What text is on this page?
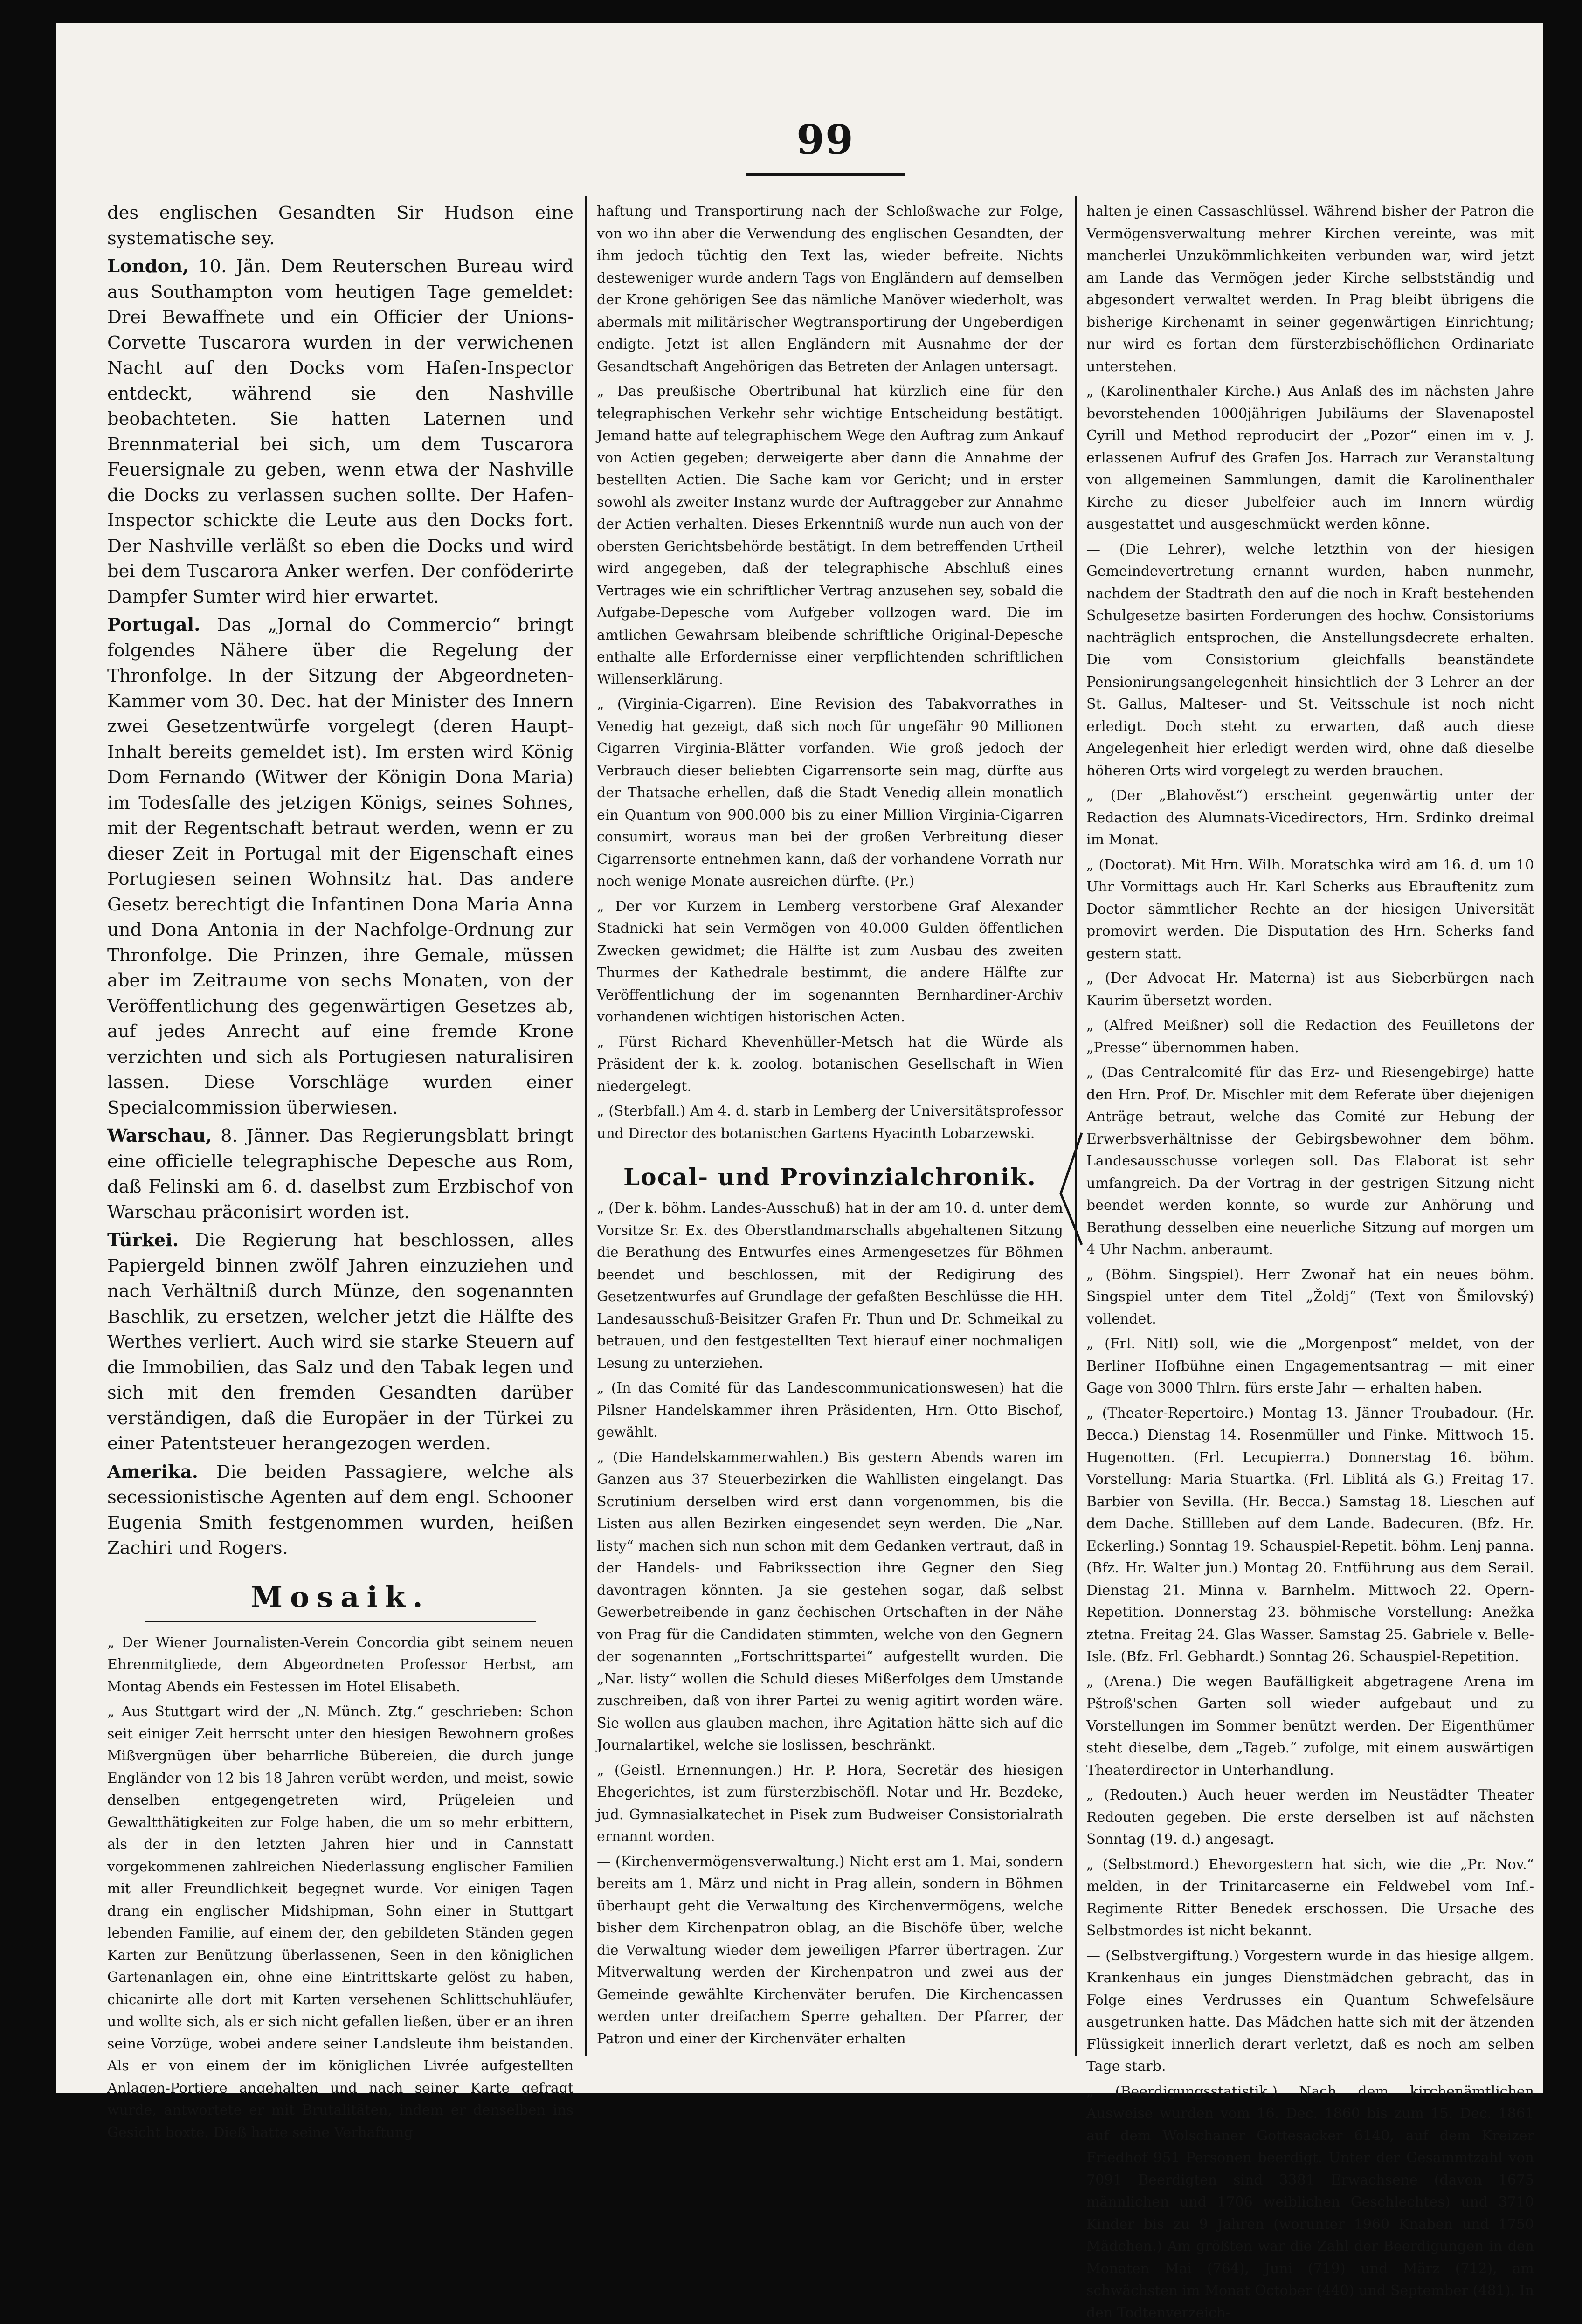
99

des englischen Gesandten Sir Hudson eine systematische sey.

London, 10. Jän. Dem Reuterschen Bureau wird aus Southampton vom heutigen Tage gemeldet: Drei Bewaffnete und ein Officier der Unions-Corvette Tuscarora wurden in der verwichenen Nacht auf den Docks vom Hafen-Inspector entdeckt, während sie den Nashville beobachteten. Sie hatten Laternen und Brennmaterial bei sich, um dem Tuscarora Feuersignale zu geben, wenn etwa der Nashville die Docks zu verlassen suchen sollte. Der Hafen-Inspector schickte die Leute aus den Docks fort. Der Nashville verläßt so eben die Docks und wird bei dem Tuscarora Anker werfen. Der conföderirte Dampfer Sumter wird hier erwartet.

Portugal. Das „Jornal do Commercio“ bringt folgendes Nähere über die Regelung der Thronfolge. In der Sitzung der Abgeordneten-Kammer vom 30. Dec. hat der Minister des Innern zwei Gesetzentwürfe vorgelegt (deren Haupt-Inhalt bereits gemeldet ist). Im ersten wird König Dom Fernando (Witwer der Königin Dona Maria) im Todesfalle des jetzigen Königs, seines Sohnes, mit der Regentschaft betraut werden, wenn er zu dieser Zeit in Portugal mit der Eigenschaft eines Portugiesen seinen Wohnsitz hat. Das andere Gesetz berechtigt die Infantinen Dona Maria Anna und Dona Antonia in der Nachfolge-Ordnung zur Thronfolge. Die Prinzen, ihre Gemale, müssen aber im Zeitraume von sechs Monaten, von der Veröffentlichung des gegenwärtigen Gesetzes ab, auf jedes Anrecht auf eine fremde Krone verzichten und sich als Portugiesen naturalisiren lassen. Diese Vorschläge wurden einer Specialcommission überwiesen.

Warschau, 8. Jänner. Das Regierungsblatt bringt eine officielle telegraphische Depesche aus Rom, daß Felinski am 6. d. daselbst zum Erzbischof von Warschau präconisirt worden ist.

Türkei. Die Regierung hat beschlossen, alles Papiergeld binnen zwölf Jahren einzuziehen und nach Verhältniß durch Münze, den sogenannten Baschlik, zu ersetzen, welcher jetzt die Hälfte des Werthes verliert. Auch wird sie starke Steuern auf die Immobilien, das Salz und den Tabak legen und sich mit den fremden Gesandten darüber verständigen, daß die Europäer in der Türkei zu einer Patentsteuer herangezogen werden.

Amerika. Die beiden Passagiere, welche als secessionistische Agenten auf dem engl. Schooner Eugenia Smith festgenommen wurden, heißen Zachiri und Rogers.

Mosaik.

„ Der Wiener Journalisten-Verein Concordia gibt seinem neuen Ehrenmitgliede, dem Abgeordneten Professor Herbst, am Montag Abends ein Festessen im Hotel Elisabeth.

„ Aus Stuttgart wird der „N. Münch. Ztg.“ geschrieben: Schon seit einiger Zeit herrscht unter den hiesigen Bewohnern großes Mißvergnügen über beharrliche Bübereien, die durch junge Engländer von 12 bis 18 Jahren verübt werden, und meist, sowie denselben entgegengetreten wird, Prügeleien und Gewaltthätigkeiten zur Folge haben, die um so mehr erbittern, als der in den letzten Jahren hier und in Cannstatt vorgekommenen zahlreichen Niederlassung englischer Familien mit aller Freundlichkeit begegnet wurde. Vor einigen Tagen drang ein englischer Midshipman, Sohn einer in Stuttgart lebenden Familie, auf einem der, den gebildeten Ständen gegen Karten zur Benützung überlassenen, Seen in den königlichen Gartenanlagen ein, ohne eine Eintrittskarte gelöst zu haben, chicanirte alle dort mit Karten versehenen Schlittschuhläufer, und wollte sich, als er sich nicht gefallen ließen, über er an ihren seine Vorzüge, wobei andere seiner Landsleute ihm beistanden. Als er von einem der im königlichen Livrée aufgestellten Anlagen-Portiere angehalten und nach seiner Karte gefragt wurde, antwortete er mit Brutalitäten, indem er denselben ins Gesicht boxte. Dieß hatte seine Verhaftung

haftung und Transportirung nach der Schloßwache zur Folge, von wo ihn aber die Verwendung des englischen Gesandten, der ihm jedoch tüchtig den Text las, wieder befreite. Nichts desteweniger wurde andern Tags von Engländern auf demselben der Krone gehörigen See das nämliche Manöver wiederholt, was abermals mit militärischer Wegtransportirung der Ungeberdigen endigte. Jetzt ist allen Engländern mit Ausnahme der der Gesandtschaft Angehörigen das Betreten der Anlagen untersagt.

„ Das preußische Obertribunal hat kürzlich eine für den telegraphischen Verkehr sehr wichtige Entscheidung bestätigt. Jemand hatte auf telegraphischem Wege den Auftrag zum Ankauf von Actien gegeben; derweigerte aber dann die Annahme der bestellten Actien. Die Sache kam vor Gericht; und in erster sowohl als zweiter Instanz wurde der Auftraggeber zur Annahme der Actien verhalten. Dieses Erkenntniß wurde nun auch von der obersten Gerichtsbehörde bestätigt. In dem betreffenden Urtheil wird angegeben, daß der telegraphische Abschluß eines Vertrages wie ein schriftlicher Vertrag anzusehen sey, sobald die Aufgabe-Depesche vom Aufgeber vollzogen ward. Die im amtlichen Gewahrsam bleibende schriftliche Original-Depesche enthalte alle Erfordernisse einer verpflichtenden schriftlichen Willenserklärung.

„ (Virginia-Cigarren). Eine Revision des Tabakvorrathes in Venedig hat gezeigt, daß sich noch für ungefähr 90 Millionen Cigarren Virginia-Blätter vorfanden. Wie groß jedoch der Verbrauch dieser beliebten Cigarrensorte sein mag, dürfte aus der Thatsache erhellen, daß die Stadt Venedig allein monatlich ein Quantum von 900.000 bis zu einer Million Virginia-Cigarren consumirt, woraus man bei der großen Verbreitung dieser Cigarrensorte entnehmen kann, daß der vorhandene Vorrath nur noch wenige Monate ausreichen dürfte. (Pr.)

„ Der vor Kurzem in Lemberg verstorbene Graf Alexander Stadnicki hat sein Vermögen von 40.000 Gulden öffentlichen Zwecken gewidmet; die Hälfte ist zum Ausbau des zweiten Thurmes der Kathedrale bestimmt, die andere Hälfte zur Veröffentlichung der im sogenannten Bernhardiner-Archiv vorhandenen wichtigen historischen Acten.

„ Fürst Richard Khevenhüller-Metsch hat die Würde als Präsident der k. k. zoolog. botanischen Gesellschaft in Wien niedergelegt.

„ (Sterbfall.) Am 4. d. starb in Lemberg der Universitätsprofessor und Director des botanischen Gartens Hyacinth Lobarzewski.

Local- und Provinzialchronik.

„ (Der k. böhm. Landes-Ausschuß) hat in der am 10. d. unter dem Vorsitze Sr. Ex. des Oberstlandmarschalls abgehaltenen Sitzung die Berathung des Entwurfes eines Armengesetzes für Böhmen beendet und beschlossen, mit der Redigirung des Gesetzentwurfes auf Grundlage der gefaßten Beschlüsse die HH. Landesausschuß-Beisitzer Grafen Fr. Thun und Dr. Schmeikal zu betrauen, und den festgestellten Text hierauf einer nochmaligen Lesung zu unterziehen.

„ (In das Comité für das Landescommunicationswesen) hat die Pilsner Handelskammer ihren Präsidenten, Hrn. Otto Bischof, gewählt.

„ (Die Handelskammerwahlen.) Bis gestern Abends waren im Ganzen aus 37 Steuerbezirken die Wahllisten eingelangt. Das Scrutinium derselben wird erst dann vorgenommen, bis die Listen aus allen Bezirken eingesendet seyn werden. Die „Nar. listy“ machen sich nun schon mit dem Gedanken vertraut, daß in der Handels- und Fabrikssection ihre Gegner den Sieg davontragen könnten. Ja sie gestehen sogar, daß selbst Gewerbetreibende in ganz čechischen Ortschaften in der Nähe von Prag für die Candidaten stimmten, welche von den Gegnern der sogenannten „Fortschrittspartei“ aufgestellt wurden. Die „Nar. listy“ wollen die Schuld dieses Mißerfolges dem Umstande zuschreiben, daß von ihrer Partei zu wenig agitirt worden wäre. Sie wollen aus glauben machen, ihre Agitation hätte sich auf die Journalartikel, welche sie loslissen, beschränkt.

„ (Geistl. Ernennungen.) Hr. P. Hora, Secretär des hiesigen Ehegerichtes, ist zum fürsterzbischöfl. Notar und Hr. Bezdeke, jud. Gymnasialkatechet in Pisek zum Budweiser Consistorialrath ernannt worden.

— (Kirchenvermögensverwaltung.) Nicht erst am 1. Mai, sondern bereits am 1. März und nicht in Prag allein, sondern in Böhmen überhaupt geht die Verwaltung des Kirchenvermögens, welche bisher dem Kirchenpatron oblag, an die Bischöfe über, welche die Verwaltung wieder dem jeweiligen Pfarrer übertragen. Zur Mitverwaltung werden der Kirchenpatron und zwei aus der Gemeinde gewählte Kirchenväter berufen. Die Kirchencassen werden unter dreifachem Sperre gehalten. Der Pfarrer, der Patron und einer der Kirchenväter erhalten

halten je einen Cassaschlüssel. Während bisher der Patron die Vermögensverwaltung mehrer Kirchen vereinte, was mit mancherlei Unzukömmlichkeiten verbunden war, wird jetzt am Lande das Vermögen jeder Kirche selbstständig und abgesondert verwaltet werden. In Prag bleibt übrigens die bisherige Kirchenamt in seiner gegenwärtigen Einrichtung; nur wird es fortan dem fürsterzbischöflichen Ordinariate unterstehen.

„ (Karolinenthaler Kirche.) Aus Anlaß des im nächsten Jahre bevorstehenden 1000jährigen Jubiläums der Slavenapostel Cyrill und Method reproducirt der „Pozor“ einen im v. J. erlassenen Aufruf des Grafen Jos. Harrach zur Veranstaltung von allgemeinen Sammlungen, damit die Karolinenthaler Kirche zu dieser Jubelfeier auch im Innern würdig ausgestattet und ausgeschmückt werden könne.

— (Die Lehrer), welche letzthin von der hiesigen Gemeindevertretung ernannt wurden, haben nunmehr, nachdem der Stadtrath den auf die noch in Kraft bestehenden Schulgesetze basirten Forderungen des hochw. Consistoriums nachträglich entsprochen, die Anstellungsdecrete erhalten. Die vom Consistorium gleichfalls beanständete Pensionirungsangelegenheit hinsichtlich der 3 Lehrer an der St. Gallus, Malteser- und St. Veitsschule ist noch nicht erledigt. Doch steht zu erwarten, daß auch diese Angelegenheit hier erledigt werden wird, ohne daß dieselbe höheren Orts wird vorgelegt zu werden brauchen.

„ (Der „Blahověst“) erscheint gegenwärtig unter der Redaction des Alumnats-Vicedirectors, Hrn. Srdinko dreimal im Monat.

„ (Doctorat). Mit Hrn. Wilh. Moratschka wird am 16. d. um 10 Uhr Vormittags auch Hr. Karl Scherks aus Ebrauftenitz zum Doctor sämmtlicher Rechte an der hiesigen Universität promovirt werden. Die Disputation des Hrn. Scherks fand gestern statt.

„ (Der Advocat Hr. Materna) ist aus Sieberbürgen nach Kaurim übersetzt worden.

„ (Alfred Meißner) soll die Redaction des Feuilletons der „Presse“ übernommen haben.

„ (Das Centralcomité für das Erz- und Riesengebirge) hatte den Hrn. Prof. Dr. Mischler mit dem Referate über diejenigen Anträge betraut, welche das Comité zur Hebung der Erwerbsverhältnisse der Gebirgsbewohner dem böhm. Landesausschusse vorlegen soll. Das Elaborat ist sehr umfangreich. Da der Vortrag in der gestrigen Sitzung nicht beendet werden konnte, so wurde zur Anhörung und Berathung desselben eine neuerliche Sitzung auf morgen um 4 Uhr Nachm. anberaumt.

„ (Böhm. Singspiel). Herr Zwonař hat ein neues böhm. Singspiel unter dem Titel „Žoldj“ (Text von Šmilovský) vollendet.

„ (Frl. Nitl) soll, wie die „Morgenpost“ meldet, von der Berliner Hofbühne einen Engagementsantrag — mit einer Gage von 3000 Thlrn. fürs erste Jahr — erhalten haben.

„ (Theater-Repertoire.) Montag 13. Jänner Troubadour. (Hr. Becca.) Dienstag 14. Rosenmüller und Finke. Mittwoch 15. Hugenotten. (Frl. Lecupierra.) Donnerstag 16. böhm. Vorstellung: Maria Stuartka. (Frl. Liblitá als G.) Freitag 17. Barbier von Sevilla. (Hr. Becca.) Samstag 18. Lieschen auf dem Dache. Stillleben auf dem Lande. Badecuren. (Bfz. Hr. Eckerling.) Sonntag 19. Schauspiel-Repetit. böhm. Lenj panna. (Bfz. Hr. Walter jun.) Montag 20. Entführung aus dem Serail. Dienstag 21. Minna v. Barnhelm. Mittwoch 22. Opern-Repetition. Donnerstag 23. böhmische Vorstellung: Anežka ztetna. Freitag 24. Glas Wasser. Samstag 25. Gabriele v. Belle-Isle. (Bfz. Frl. Gebhardt.) Sonntag 26. Schauspiel-Repetition.

„ (Arena.) Die wegen Baufälligkeit abgetragene Arena im Pštroß'schen Garten soll wieder aufgebaut und zu Vorstellungen im Sommer benützt werden. Der Eigenthümer steht dieselbe, dem „Tageb.“ zufolge, mit einem auswärtigen Theaterdirector in Unterhandlung.

„ (Redouten.) Auch heuer werden im Neustädter Theater Redouten gegeben. Die erste derselben ist auf nächsten Sonntag (19. d.) angesagt.

„ (Selbstmord.) Ehevorgestern hat sich, wie die „Pr. Nov.“ melden, in der Trinitarcaserne ein Feldwebel vom Inf.-Regimente Ritter Benedek erschossen. Die Ursache des Selbstmordes ist nicht bekannt.

— (Selbstvergiftung.) Vorgestern wurde in das hiesige allgem. Krankenhaus ein junges Dienstmädchen gebracht, das in Folge eines Verdrusses ein Quantum Schwefelsäure ausgetrunken hatte. Das Mädchen hatte sich mit der ätzenden Flüssigkeit innerlich derart verletzt, daß es noch am selben Tage starb.

„ (Beerdigungsstatistik.) Nach dem kirchenämtlichen Ausweise wurden vom 16. Dec. 1860 bis zum 15. Dec. 1861 auf dem Wolschaner Gottesacker 6140, auf dem Kreizer Friedhof 951 Personen beerdigt. Unter der Gesammtzahl von 7091 Beerdigten sind 3381 Erwachsene (davon 1675 männlichen und 1706 weiblichen Geschlechtes) und 3710 Kinder bis zu 9 Jahren (worunter 1960 Knaben und 1750 Mädchen.) Am größten war die Zahl der Beerdigungen in den Monaten Mai (764), Juni (719) und März (712), am schwächsten im Monat October (440) und September (481). In den Todtenverzeich-
